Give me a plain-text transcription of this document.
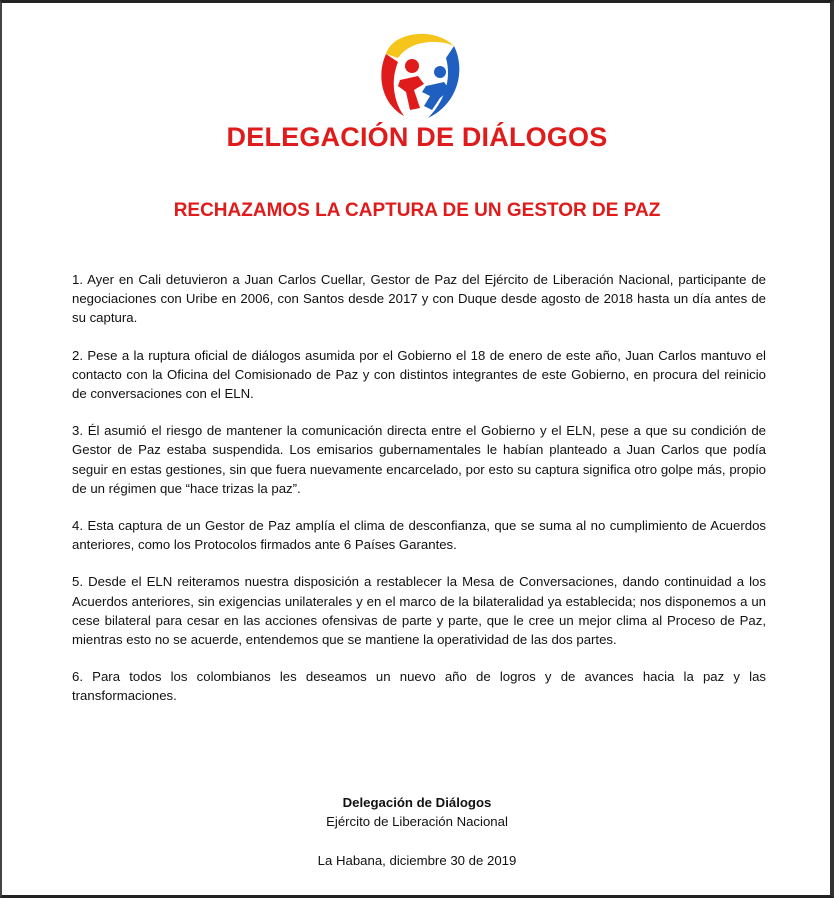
DELEGACIÓN DE DIÁLOGOS
RECHAZAMOS LA CAPTURA DE UN GESTOR DE PAZ

1. Ayer en Cali detuvieron a Juan Carlos Cuellar, Gestor de Paz del Ejército de Liberación Nacional, participante de negociaciones con Uribe en 2006, con Santos desde 2017 y con Duque desde agosto de 2018 hasta un día antes de su captura.

2. Pese a la ruptura oficial de diálogos asumida por el Gobierno el 18 de enero de este año, Juan Carlos mantuvo el contacto con la Oficina del Comisionado de Paz y con distintos integrantes de este Gobierno, en procura del reinicio de conversaciones con el ELN.

3. Él asumió el riesgo de mantener la comunicación directa entre el Gobierno y el ELN, pese a que su condición de Gestor de Paz estaba suspendida. Los emisarios gubernamentales le habían planteado a Juan Carlos que podía seguir en estas gestiones, sin que fuera nuevamente encarcelado, por esto su captura significa otro golpe más, propio de un régimen que “hace trizas la paz”.

4. Esta captura de un Gestor de Paz amplía el clima de desconfianza, que se suma al no cumplimiento de Acuerdos anteriores, como los Protocolos firmados ante 6 Países Garantes.

5. Desde el ELN reiteramos nuestra disposición a restablecer la Mesa de Conversaciones, dando continuidad a los Acuerdos anteriores, sin exigencias unilaterales y en el marco de la bilateralidad ya establecida; nos disponemos a un cese bilateral para cesar en las acciones ofensivas de parte y parte, que le cree un mejor clima al Proceso de Paz, mientras esto no se acuerde, entendemos que se mantiene la operatividad de las dos partes.

6. Para todos los colombianos les deseamos un nuevo año de logros y de avances hacia la paz y las transformaciones.

Delegación de Diálogos
Ejército de Liberación Nacional
La Habana, diciembre 30 de 2019
